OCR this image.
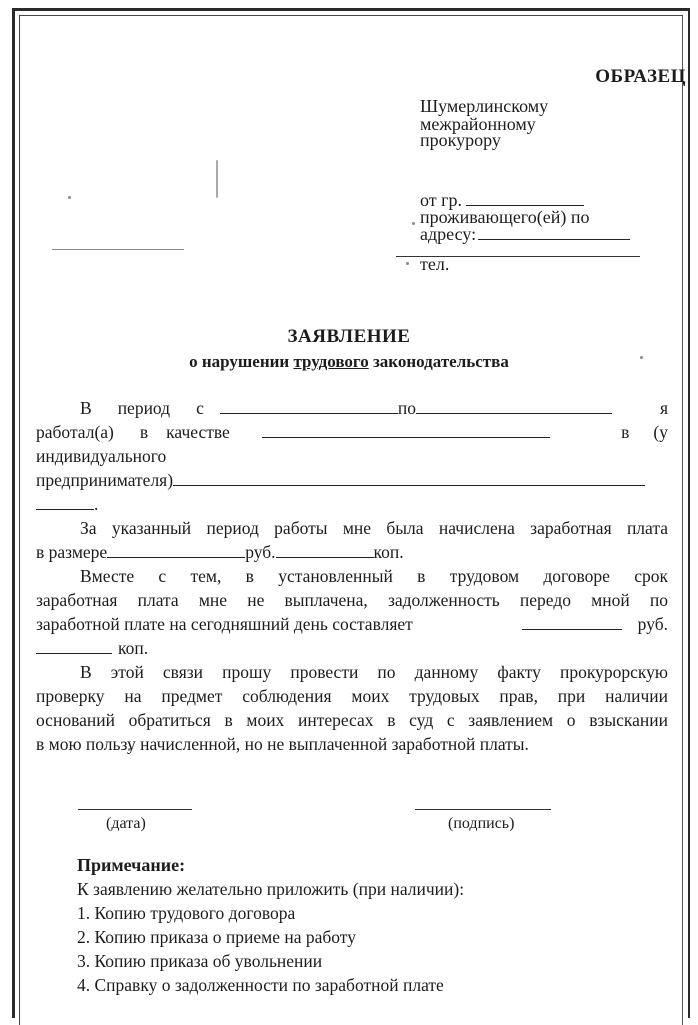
ОБРАЗЕЦ
Шумерлинскому
межрайонному
прокурору
от гр.
проживающего(ей) по
адресу:
тел.
ЗАЯВЛЕНИЕ
о нарушении трудового законодательства
В период с	по	я
работал(а) в качестве	в (у
индивидуального
предпринимателя)
.
За указанный период работы мне была начислена заработная плата
в размере	руб.	коп.
Вместе с тем, в установленный в трудовом договоре срок
заработная плата мне не выплачена, задолженность передо мной по
заработной плате на сегодняшний день составляет	руб.
коп.
В этой связи прошу провести по данному факту прокурорскую
проверку на предмет соблюдения моих трудовых прав, при наличии
оснований обратиться в моих интересах в суд с заявлением о взыскании
в мою пользу начисленной, но не выплаченной заработной платы.
(дата)	(подпись)
Примечание:
К заявлению желательно приложить (при наличии):
1. Копию трудового договора
2. Копию приказа о приеме на работу
3. Копию приказа об увольнении
4. Справку о задолженности по заработной плате
